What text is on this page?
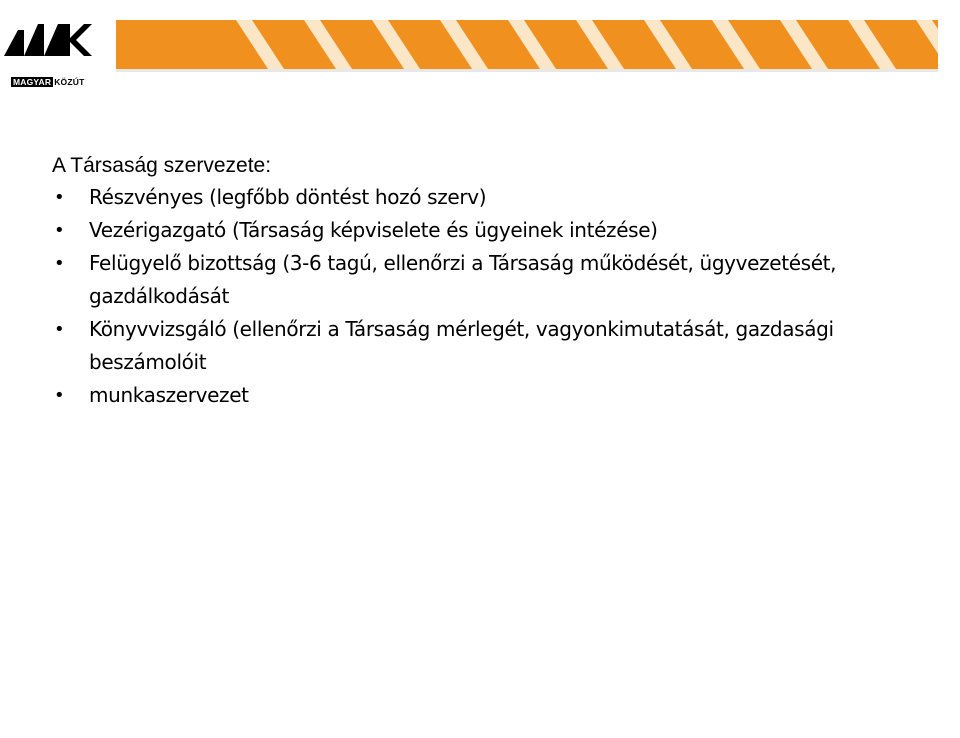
MAGYAR KÖZÚT

A Társaság szervezete:

• Részvényes (legfőbb döntést hozó szerv)
• Vezérigazgató (Társaság képviselete és ügyeinek intézése)
• Felügyelő bizottság (3-6 tagú, ellenőrzi a Társaság működését, ügyvezetését, gazdálkodását
• Könyvvizsgáló (ellenőrzi a Társaság mérlegét, vagyonkimutatását, gazdasági beszámolóit
• munkaszervezet
